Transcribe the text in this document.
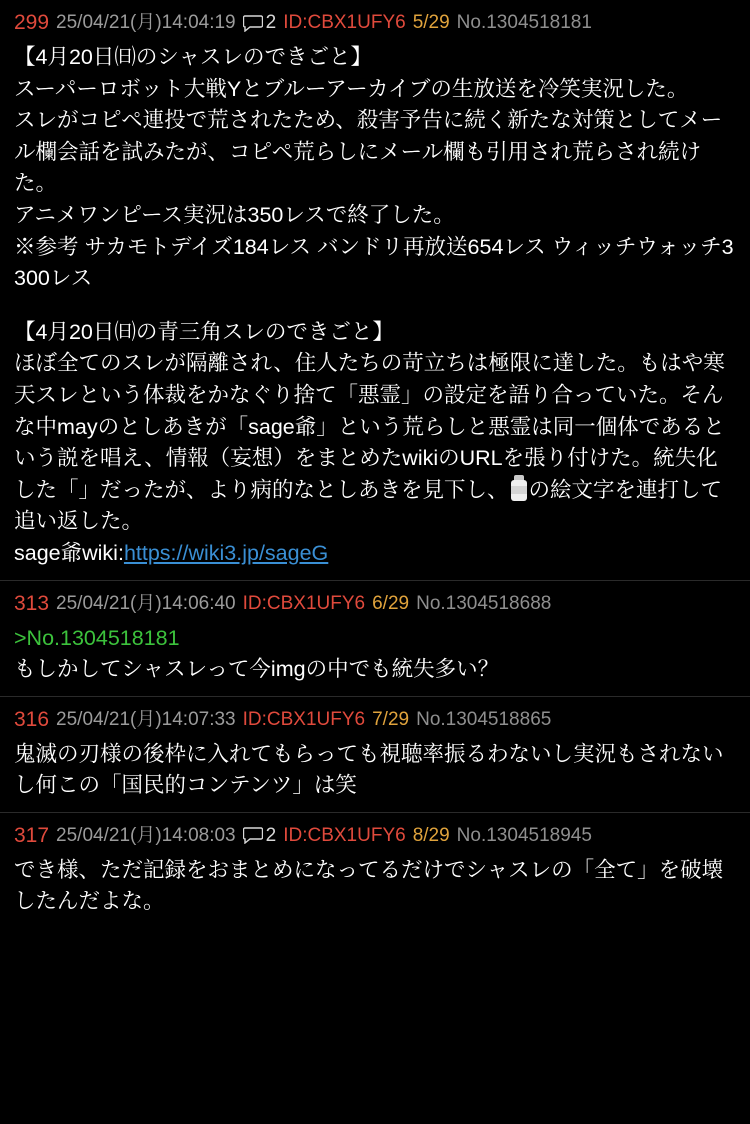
299 25/04/21(月)14:04:19 2 ID:CBX1UFY6 5/29 No.1304518181
【4月20日㈰のシャスレのできごと】
スーパーロボット大戦Yとブルーアーカイブの生放送を冷笑実況した。
スレがコピペ連投で荒されたため、殺害予告に続く新たな対策としてメール欄会話を試みたが、コピペ荒らしにメール欄も引用され荒らされ続けた。
アニメワンピース実況は350レスで終了した。
※参考 サカモトデイズ184レス バンドリ再放送654レス ウィッチウォッチ3300レス
【4月20日㈰の青三角スレのできごと】
ほぼ全てのスレが隔離され、住人たちの苛立ちは極限に達した。もはや寒天スレという体裁をかなぐり捨て「悪霊」の設定を語り合っていた。そんな中mayのとしあきが「sage爺」という荒らしと悪霊は同一個体であるという説を唱え、情報（妄想）をまとめたwikiのURLを張り付けた。統失化した「」だったが、より病的なとしあきを見下し、 の絵文字を連打して追い返した。
sage爺wiki:https://wiki3.jp/sageG
313 25/04/21(月)14:06:40 ID:CBX1UFY6 6/29 No.1304518688
>No.1304518181
もしかしてシャスレって今imgの中でも統失多い？
316 25/04/21(月)14:07:33 ID:CBX1UFY6 7/29 No.1304518865
鬼滅の刃様の後枠に入れてもらっても視聴率振るわないし実況もされないし何この「国民的コンテンツ」は笑
317 25/04/21(月)14:08:03 2 ID:CBX1UFY6 8/29 No.1304518945
でき様、ただ記録をおまとめになってるだけでシャスレの「全て」を破壊したんだよな。
